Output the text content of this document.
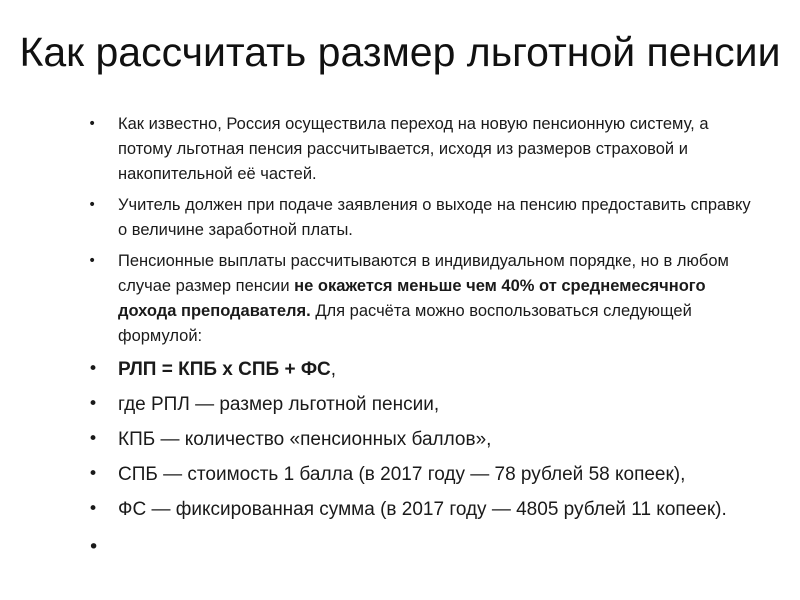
Как рассчитать размер льготной пенсии
• Как известно, Россия осуществила переход на новую пенсионную систему, а потому льготная пенсия рассчитывается, исходя из размеров страховой и накопительной её частей.
• Учитель должен при подаче заявления о выходе на пенсию предоставить справку о величине заработной платы.
• Пенсионные выплаты рассчитываются в индивидуальном порядке, но в любом случае размер пенсии не окажется меньше чем 40% от среднемесячного дохода преподавателя. Для расчёта можно воспользоваться следующей формулой:
• РЛП = КПБ х СПБ + ФС,
• где РПЛ — размер льготной пенсии,
• КПБ — количество «пенсионных баллов»,
• СПБ — стоимость 1 балла (в 2017 году — 78 рублей 58 копеек),
• ФС — фиксированная сумма (в 2017 году — 4805 рублей 11 копеек).
•
